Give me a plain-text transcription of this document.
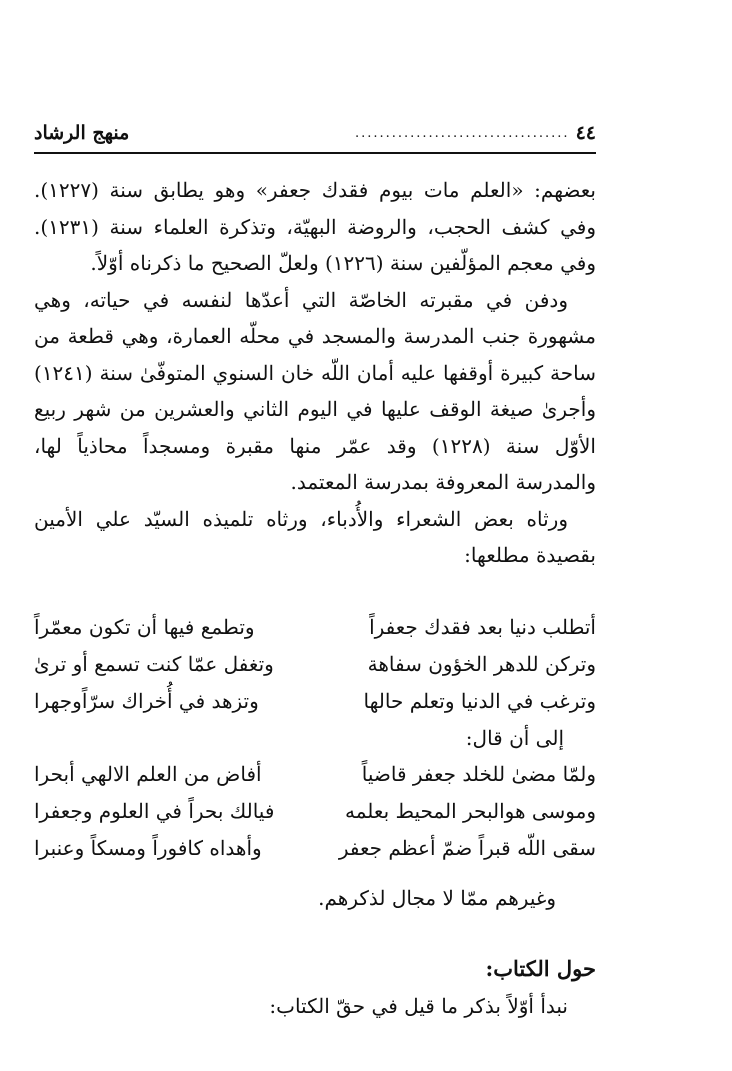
٤٤
...................................
منهج الرشاد

بعضهم: «العلم مات بيوم فقدك جعفر» وهو يطابق سنة (١٢٢٧). وفي كشف الحجب، والروضة البهيّة، وتذكرة العلماء سنة (١٢٣١). وفي معجم المؤلّفين سنة (١٢٢٦) ولعلّ الصحيح ما ذكرناه أوّلاً.

ودفن في مقبرته الخاصّة التي أعدّها لنفسه في حياته، وهي مشهورة جنب المدرسة والمسجد في محلّه العمارة، وهي قطعة من ساحة كبيرة أوقفها عليه أمان اللّه خان السنوي المتوفّىٰ سنة (١٢٤١) وأجرىٰ صيغة الوقف عليها في اليوم الثاني والعشرين من شهر ربيع الأوّل سنة (١٢٢٨) وقد عمّر منها مقبرة ومسجداً محاذياً لها، والمدرسة المعروفة بمدرسة المعتمد.

ورثاه بعض الشعراء والأُدباء، ورثاه تلميذه السيّد علي الأمين بقصيدة مطلعها:

أتطلب دنيا بعد فقدك جعفراً
وتطمع فيها أن تكون معمّراً
وتركن للدهر الخؤون سفاهة
وتغفل عمّا كنت تسمع أو ترىٰ
وترغب في الدنيا وتعلم حالها
وتزهد في أُخراك سرّاًوجهرا
إلى أن قال:
ولمّا مضىٰ للخلد جعفر قاضياً
أفاض من العلم الالهي أبحرا
وموسى هوالبحر المحيط بعلمه
فيالك بحراً في العلوم وجعفرا
سقى اللّه قبراً ضمّ أعظم جعفر
وأهداه كافوراً ومسكاً وعنبرا
وغيرهم ممّا لا مجال لذكرهم.
حول الكتاب:
نبدأ أوّلاً بذكر ما قيل في حقّ الكتاب:
